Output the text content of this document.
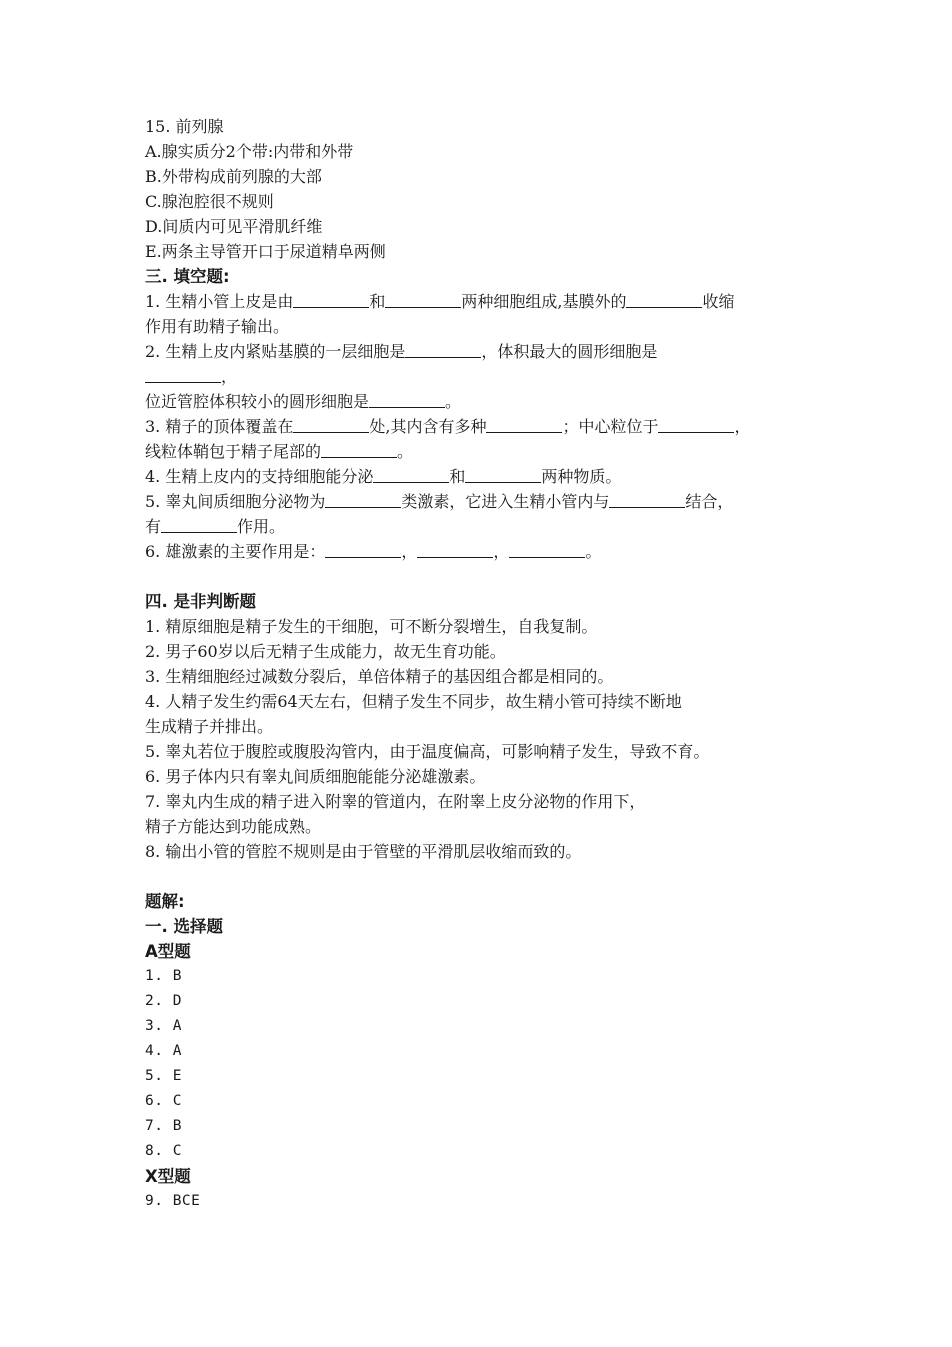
15. 前列腺
A.腺实质分2个带:内带和外带
B.外带构成前列腺的大部
C.腺泡腔很不规则
D.间质内可见平滑肌纤维
E.两条主导管开口于尿道精阜两侧
三. 填空题:
1. 生精小管上皮是由	和	两种细胞组成,基膜外的	收缩
作用有助精子输出。
2. 生精上皮内紧贴基膜的一层细胞是	，体积最大的圆形细胞是
，
位近管腔体积较小的圆形细胞是	。
3. 精子的顶体覆盖在	处,其内含有多种	；中心粒位于	，
线粒体鞘包于精子尾部的	。
4. 生精上皮内的支持细胞能分泌	和	两种物质。
5. 睾丸间质细胞分泌物为	类激素，它进入生精小管内与	结合，
有	作用。
6. 雄激素的主要作用是：	，	，	。
四. 是非判断题
1. 精原细胞是精子发生的干细胞，可不断分裂增生，自我复制。
2. 男子60岁以后无精子生成能力，故无生育功能。
3. 生精细胞经过减数分裂后，单倍体精子的基因组合都是相同的。
4. 人精子发生约需64天左右，但精子发生不同步，故生精小管可持续不断地
生成精子并排出。
5. 睾丸若位于腹腔或腹股沟管内，由于温度偏高，可影响精子发生，导致不育。
6. 男子体内只有睾丸间质细胞能能分泌雄激素。
7. 睾丸内生成的精子进入附睾的管道内，在附睾上皮分泌物的作用下，
精子方能达到功能成熟。
8. 输出小管的管腔不规则是由于管壁的平滑肌层收缩而致的。
题解:
一. 选择题
A型题
1. B
2. D
3. A
4. A
5. E
6. C
7. B
8. C
X型题
9. BCE
